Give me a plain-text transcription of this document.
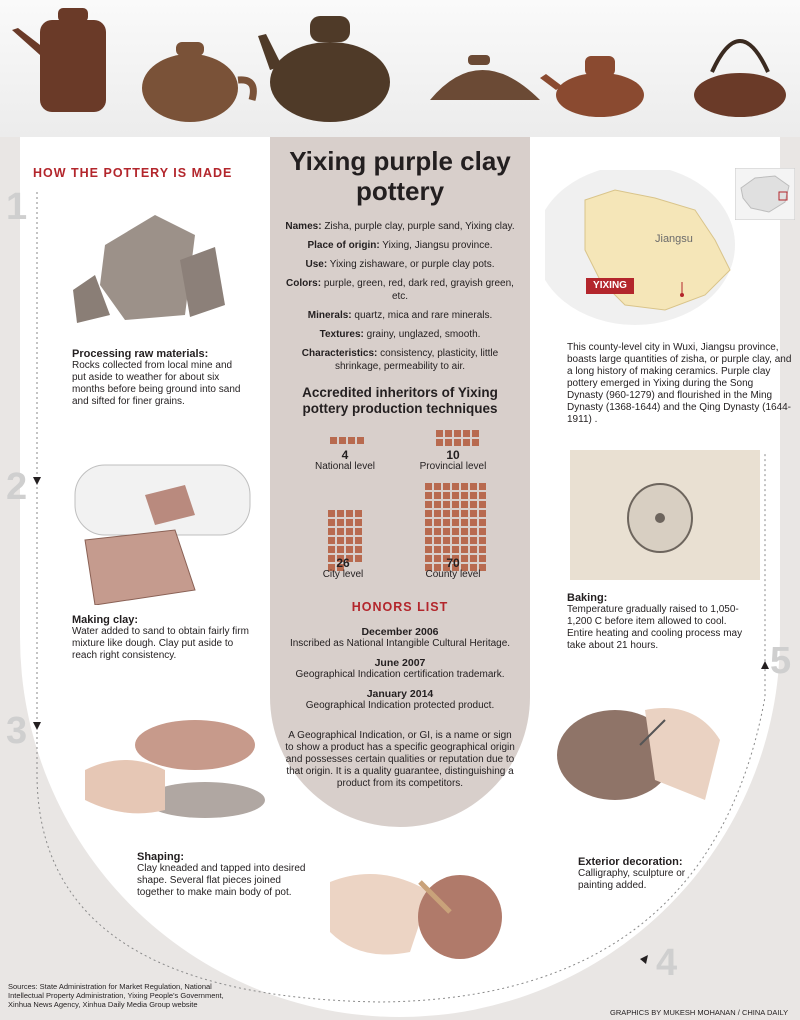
HOW THE POTTERY IS MADE	Yixing purple clay pottery
Names: Zisha, purple clay, purple sand, Yixing clay.
Place of origin: Yixing, Jiangsu province.
Use: Yixing zishaware, or purple clay pots.
Colors: purple, green, red, dark red, grayish green, etc.
Minerals: quartz, mica and rare minerals.
Textures: grainy, unglazed, smooth.
Characteristics: consistency, plasticity, little shrinkage, permeability to air.
Accredited inheritors of Yixing pottery production techniques
4
National level
10
Provincial level
26
City level
70
County level
HONORS LIST
December 2006
Inscribed as National Intangible Cultural Heritage.
June 2007
Geographical Indication certification trademark.
January 2014
Geographical Indication protected product.
A Geographical Indication, or GI, is a name or sign to show a product has a specific geographical origin and possesses certain qualities or reputation due to that origin. It is a quality guarantee, distinguishing a product from its competitors.
Jiangsu
YIXING
This county-level city in Wuxi, Jiangsu province, boasts large quantities of zisha, or purple clay, and a long history of making ceramics. Purple clay pottery emerged in Yixing during the Song Dynasty (960-1279) and flourished in the Ming Dynasty (1368-1644) and the Qing Dynasty (1644-1911) .
1
2
3
4
5
Processing raw materials:
Rocks collected from local mine and put aside to weather for about six months before being ground into sand and sifted for finer grains.
Making clay:
Water added to sand to obtain fairly firm mixture like dough. Clay put aside to reach right consistency.
Shaping:
Clay kneaded and tapped into desired shape. Several flat pieces joined together to make main body of pot.
Exterior decoration:
Calligraphy, sculpture or painting added.
Baking:
Temperature gradually raised to 1,050-1,200 C before item allowed to cool. Entire heating and cooling process may take about 21 hours.
Sources: State Administration for Market Regulation, National Intellectual Property Administration, Yixing People's Government, Xinhua News Agency, Xinhua Daily Media Group website
GRAPHICS BY MUKESH MOHANAN / CHINA DAILY
